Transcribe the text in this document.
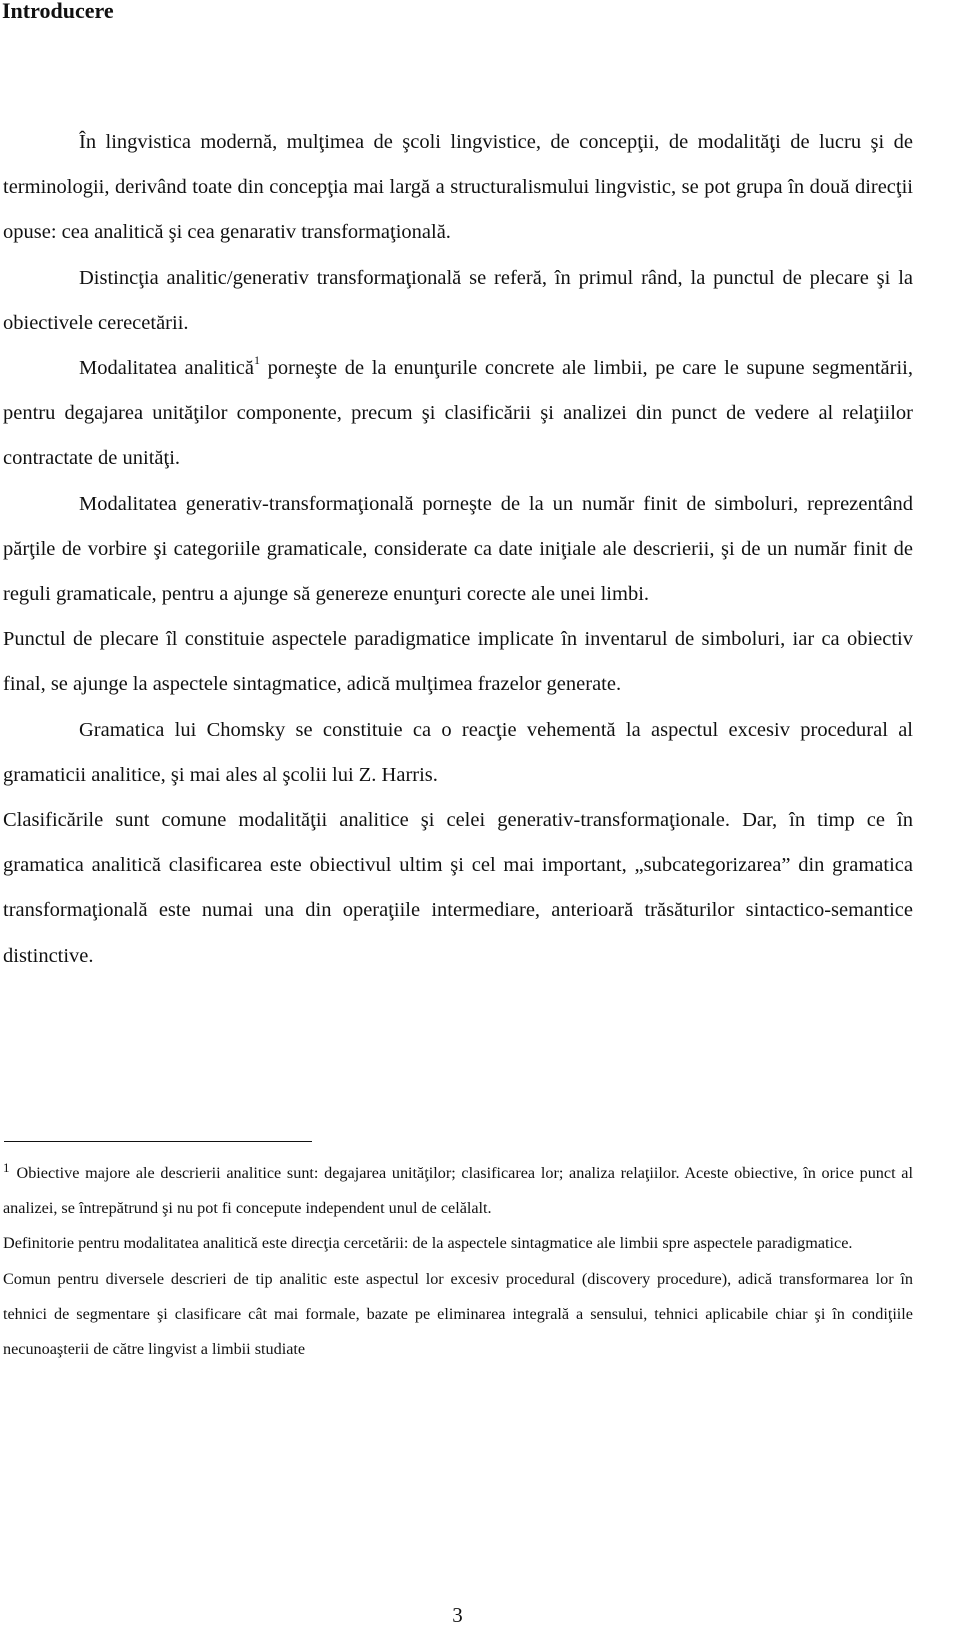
Introducere

În lingvistica modernă, mulţimea de şcoli lingvistice, de concepţii, de modalităţi de lucru şi de terminologii, derivând toate din concepţia mai largă a structuralismului lingvistic, se pot grupa în două direcţii opuse: cea analitică şi cea genarativ transformaţională.

Distincţia analitic/generativ transformaţională se referă, în primul rând, la punctul de plecare şi la obiectivele cerecetării.

Modalitatea analitică$^1$ porneşte de la enunţurile concrete ale limbii, pe care le supune segmentării, pentru degajarea unităţilor componente, precum şi clasificării şi analizei din punct de vedere al relaţiilor contractate de unităţi.

Modalitatea generativ-transformaţională porneşte de la un număr finit de simboluri, reprezentând părţile de vorbire şi categoriile gramaticale, considerate ca date iniţiale ale descrierii, şi de un număr finit de reguli gramaticale, pentru a ajunge să genereze enunţuri corecte ale unei limbi.

Punctul de plecare îl constituie aspectele paradigmatice implicate în inventarul de simboluri, iar ca obiectiv final, se ajunge la aspectele sintagmatice, adică mulţimea frazelor generate.

Gramatica lui Chomsky se constituie ca o reacţie vehementă la aspectul excesiv procedural al gramaticii analitice, şi mai ales al şcolii lui Z. Harris.

Clasificările sunt comune modalităţii analitice şi celei generativ-transformaţionale. Dar, în timp ce în gramatica analitică clasificarea este obiectivul ultim şi cel mai important, „subcategorizarea” din gramatica transformaţională este numai una din operaţiile intermediare, anterioară trăsăturilor sintactico-semantice distinctive.

$^1$ Obiective majore ale descrierii analitice sunt: degajarea unităţilor; clasificarea lor; analiza relaţiilor. Aceste obiective, în orice punct al analizei, se întrepătrund şi nu pot fi concepute independent unul de celălalt.

Definitorie pentru modalitatea analitică este direcţia cercetării: de la aspectele sintagmatice ale limbii spre aspectele paradigmatice.

Comun pentru diversele descrieri de tip analitic este aspectul lor excesiv procedural (discovery procedure), adică transformarea lor în tehnici de segmentare şi clasificare cât mai formale, bazate pe eliminarea integrală a sensului, tehnici aplicabile chiar şi în condiţiile necunoaşterii de către lingvist a limbii studiate

3
